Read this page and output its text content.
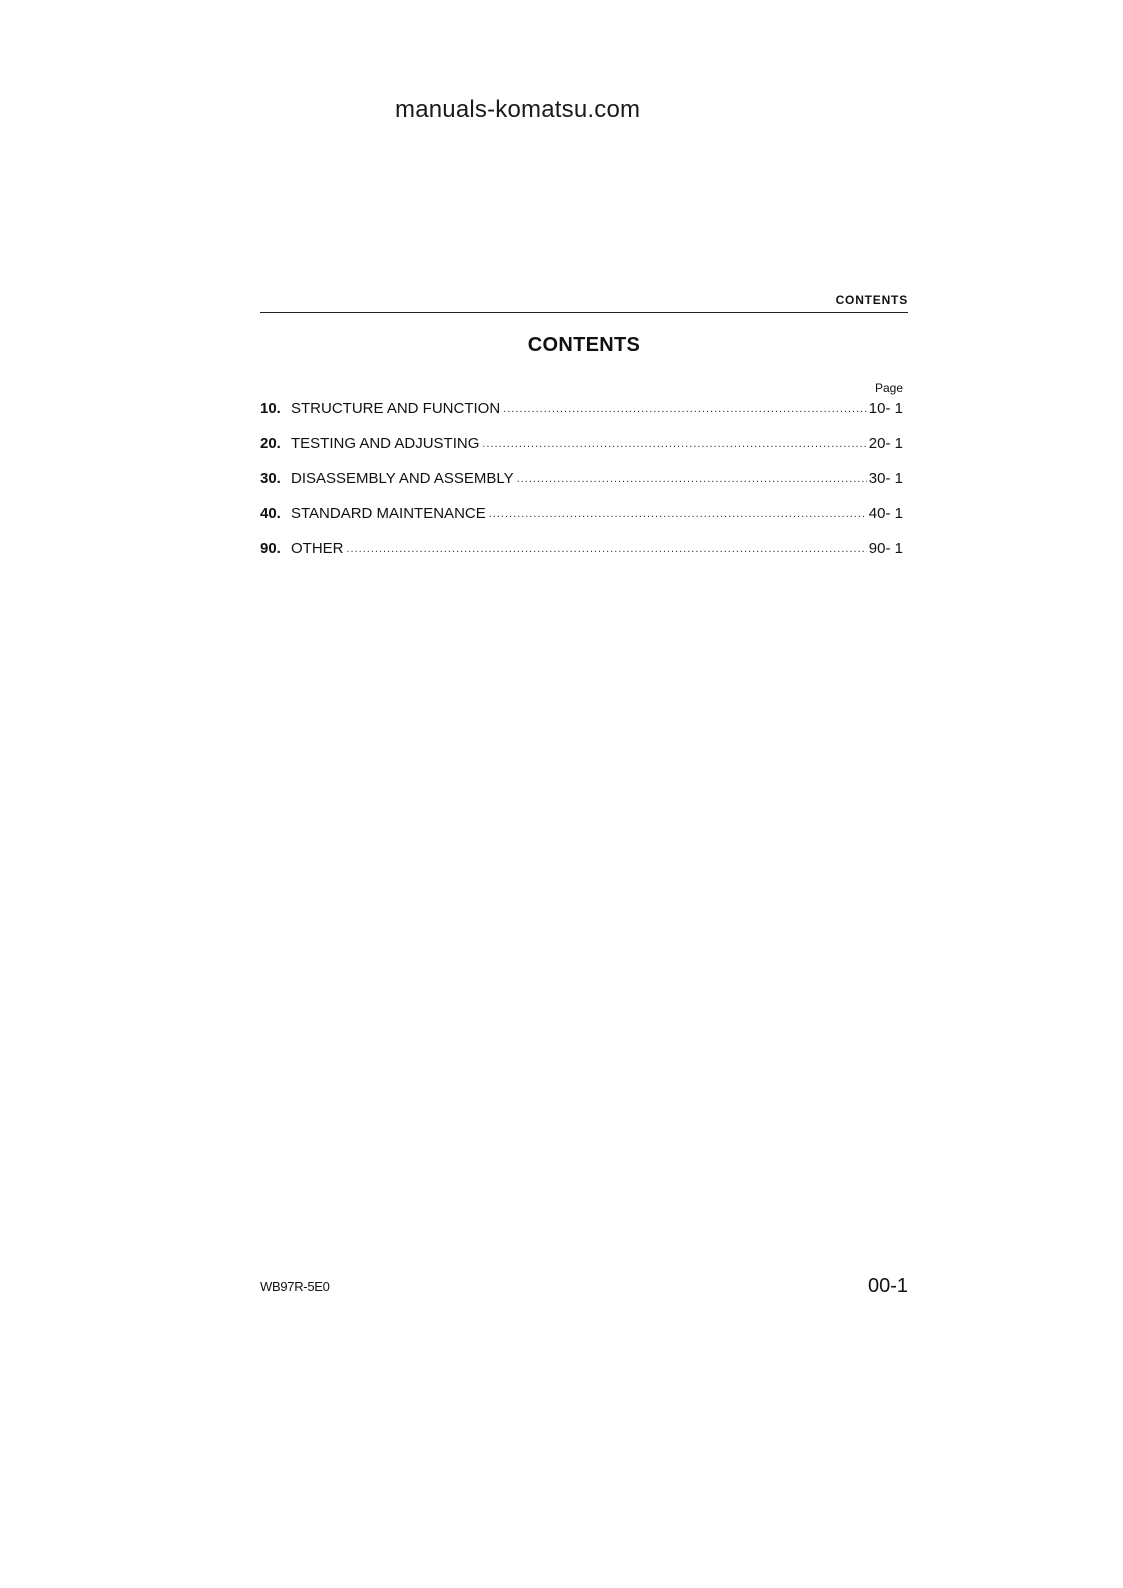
manuals-komatsu.com
CONTENTS
CONTENTS
Page
10. STRUCTURE AND FUNCTION .....	10- 1
20. TESTING AND ADJUSTING .....	20- 1
30. DISASSEMBLY AND ASSEMBLY .....	30- 1
40. STANDARD MAINTENANCE .....	40- 1
90. OTHER .....	90- 1
WB97R-5E0	00-1
